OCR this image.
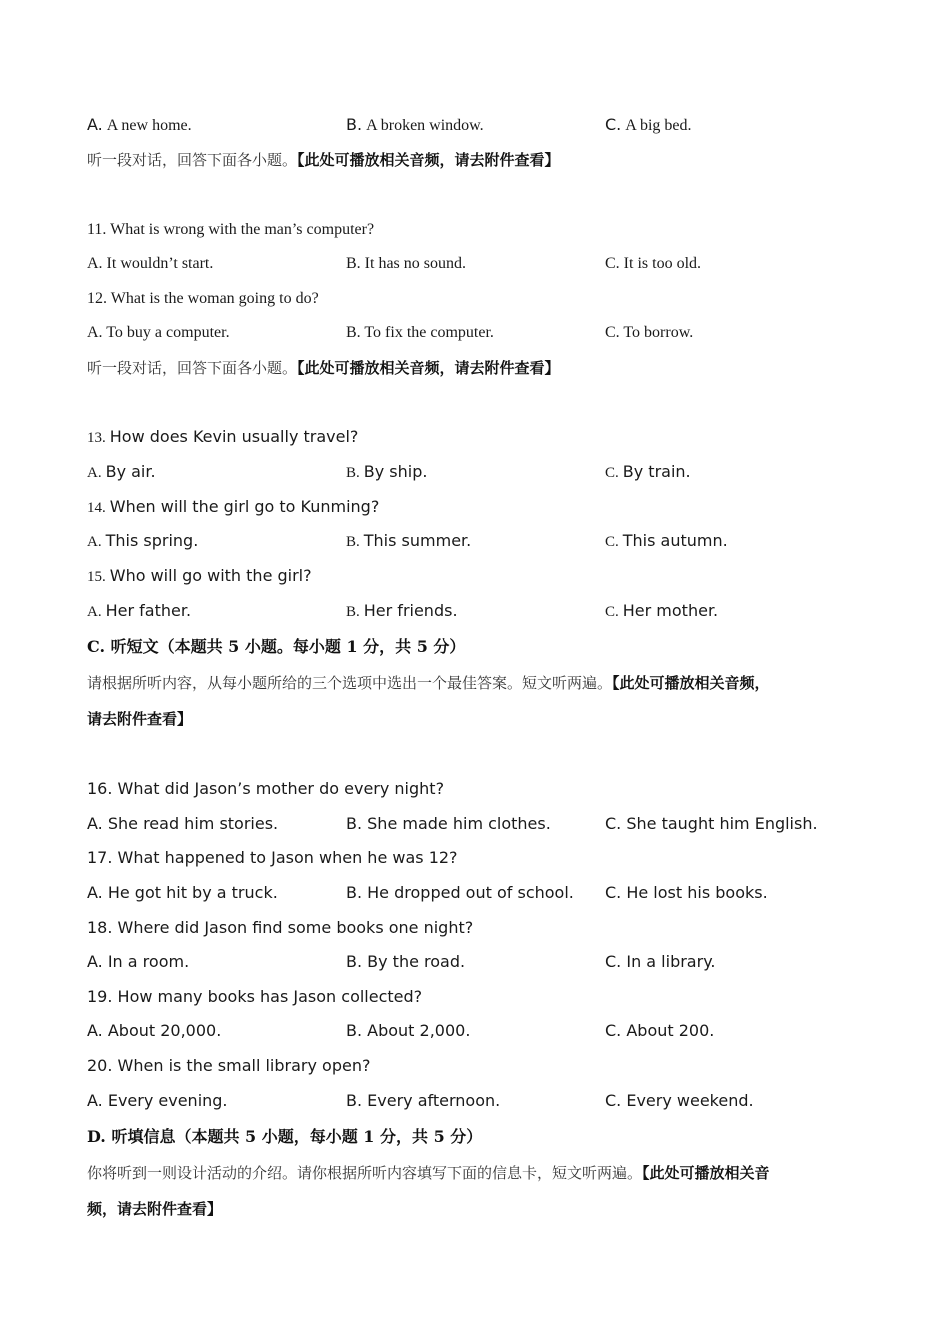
A. A new home.	B. A broken window.	C. A big bed.
听一段对话，回答下面各小题。【此处可播放相关音频，请去附件查看】
11. What is wrong with the man’s computer?
A. It wouldn’t start.	B. It has no sound.	C. It is too old.
12. What is the woman going to do?
A. To buy a computer.	B. To fix the computer.	C. To borrow.
听一段对话，回答下面各小题。【此处可播放相关音频，请去附件查看】
13. How does Kevin usually travel?
A. By air.	B. By ship.	C. By train.
14. When will the girl go to Kunming?
A. This spring.	B. This summer.	C. This autumn.
15. Who will go with the girl?
A. Her father.	B. Her friends.	C. Her mother.
C. 听短文（本题共 5 小题。每小题 1 分，共 5 分）
请根据所听内容，从每小题所给的三个选项中选出一个最佳答案。短文听两遍。【此处可播放相关音频，
请去附件查看】
16. What did Jason’s mother do every night?
A. She read him stories.	B. She made him clothes.	C. She taught him English.
17. What happened to Jason when he was 12?
A. He got hit by a truck.	B. He dropped out of school. C. He lost his books.
18. Where did Jason find some books one night?
A. In a room.	B. By the road.	C. In a library.
19. How many books has Jason collected?
A. About 20,000.	B. About 2,000.	C. About 200.
20. When is the small library open?
A. Every evening.	B. Every afternoon.	C. Every weekend.
D. 听填信息（本题共 5 小题，每小题 1 分，共 5 分）
你将听到一则设计活动的介绍。请你根据所听内容填写下面的信息卡，短文听两遍。【此处可播放相关音
频，请去附件查看】
